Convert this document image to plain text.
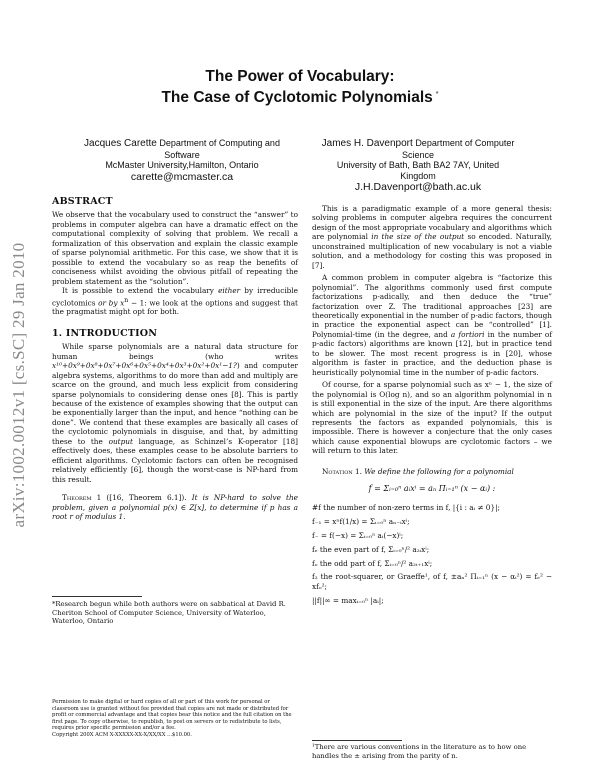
The Power of Vocabulary:
The Case of Cyclotomic Polynomials *
Jacques Carette Department of Computing and Software
McMaster University,Hamilton, Ontario
carette@mcmaster.ca
James H. Davenport Department of Computer Science
University of Bath, Bath BA2 7AY, United Kingdom
J.H.Davenport@bath.ac.uk
arXiv:1002.0012v1 [cs.SC] 29 Jan 2010
ABSTRACT

We observe that the vocabulary used to construct the “answer” to problems in computer algebra can have a dramatic effect on the computational complexity of solving that problem. We recall a formalization of this observation and explain the classic example of sparse polynomial arithmetic. For this case, we show that it is possible to extend the vocabulary so as reap the benefits of conciseness whilst avoiding the obvious pitfall of repeating the problem statement as the “solution”.

It is possible to extend the vocabulary either by irreducible cyclotomics or by $x^n - 1$: we look at the options and suggest that the pragmatist might opt for both.

1. INTRODUCTION

While sparse polynomials are a natural data structure for human beings (who writes x¹⁰+0x⁹+0x⁸+0x⁷+0x⁶+0x⁵+0x⁴+0x³+0x²+0x¹−1?) and computer algebra systems, algorithms to do more than add and multiply are scarce on the ground, and much less explicit from considering sparse polynomials to considering dense ones [8]. This is partly because of the existence of examples showing that the output can be exponentially larger than the input, and hence “nothing can be done”. We contend that these examples are basically all cases of the cyclotomic polynomials in disguise, and that, by admitting these to the output language, as Schinzel’s K-operator [18] effectively does, these examples cease to be absolute barriers to efficient algorithms. Cyclotomic factors can often be recognised relatively efficiently [6], though the worst-case is NP-hard from this result.

Theorem 1 ([16, Theorem 6.1]). It is NP-hard to solve the problem, given a polynomial p(x) ∈ Z[x], to determine if p has a root r of modulus 1.

*Research begun while both authors were on sabbatical at David R. Cheriton School of Computer Science, University of Waterloo, Waterloo, Ontario
Permission to make digital or hard copies of all or part of this work for personal or classroom use is granted without fee provided that copies are not made or distributed for profit or commercial advantage and that copies bear this notice and the full citation on the first page. To copy otherwise, to republish, to post on servers or to redistribute to lists, requires prior specific permission and/or a fee.
Copyright 200X ACM X-XXXXX-XX-X/XX/XX ...$10.00.

This is a paradigmatic example of a more general thesis: solving problems in computer algebra requires the concurrent design of the most appropriate vocabulary and algorithms which are polynomial in the size of the output so encoded. Naturally, unconstrained multiplication of new vocabulary is not a viable solution, and a methodology for costing this was proposed in [7].

A common problem in computer algebra is “factorize this polynomial”. The algorithms commonly used first compute factorizations p-adically, and then deduce the “true” factorization over Z. The traditional approaches [23] are theoretically exponential in the number of p-adic factors, though in practice the exponential aspect can be “controlled” [1]. Polynomial-time (in the degree, and a fortiori in the number of p-adic factors) algorithms are known [12], but in practice tend to be slower. The most recent progress is in [20], whose algorithm is faster in practice, and the deduction phase is heuristically polynomial time in the number of p-adic factors.

Of course, for a sparse polynomial such as xⁿ − 1, the size of the polynomial is O(log n), and so an algorithm polynomial in n is still exponential in the size of the input. Are there algorithms which are polynomial in the size of the input? If the output represents the factors as expanded polynomials, this is impossible. There is however a conjecture that the only cases which cause exponential blowups are cyclotomic factors – we will return to this later.

Notation 1. We define the following for a polynomial

f = Σᵢ₌₀ⁿ aᵢxⁱ = aₙ Πᵢ₌₁ⁿ (x − αᵢ) :
#f the number of non-zero terms in f, |{i : aᵢ ≠ 0}|;
f₋₁ = xⁿf(1/x) = Σᵢ₌₀ⁿ aₙ₋ᵢxⁱ;
f₋ = f(−x) = Σᵢ₌₀ⁿ aᵢ(−x)ⁱ;
fₑ the even part of f, Σᵢ₌₀ⁿ/² a₂ᵢxⁱ;
fₒ the odd part of f, Σᵢ₌₀ⁿ/² a₂ᵢ₊₁xⁱ;
f₂ the root-squarer, or Graeffe¹, of f, ±aₙ² Πᵢ₌₁ⁿ (x − αᵢ²) = fₑ² − xfₒ²;
||f||∞ = maxᵢ₌₀ⁿ |aᵢ|;
¹There are various conventions in the literature as to how one handles the ± arising from the parity of n.
